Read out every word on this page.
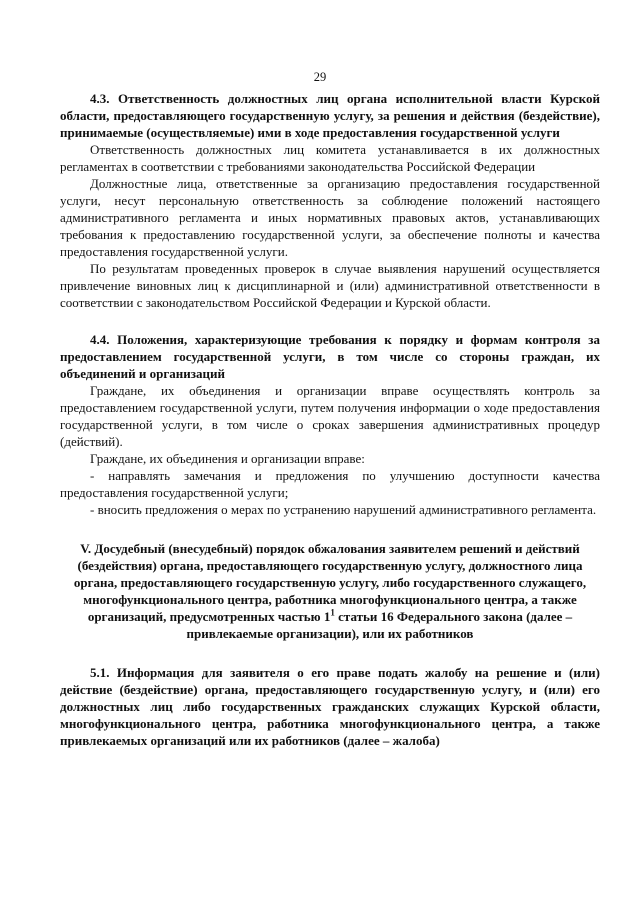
29

4.3. Ответственность должностных лиц органа исполнительной власти Курской области, предоставляющего государственную услугу, за решения и действия (бездействие), принимаемые (осуществляемые) ими в ходе предоставления государственной услуги

Ответственность должностных лиц комитета устанавливается в их должностных регламентах в соответствии с требованиями законодательства Российской Федерации

Должностные лица, ответственные за организацию предоставления государственной услуги, несут персональную ответственность за соблюдение положений настоящего административного регламента и иных нормативных правовых актов, устанавливающих требования к предоставлению государственной услуги, за обеспечение полноты и качества предоставления государственной услуги.

По результатам проведенных проверок в случае выявления нарушений осуществляется привлечение виновных лиц к дисциплинарной и (или) административной ответственности в соответствии с законодательством Российской Федерации и Курской области.

4.4. Положения, характеризующие требования к порядку и формам контроля за предоставлением государственной услуги, в том числе со стороны граждан, их объединений и организаций

Граждане, их объединения и организации вправе осуществлять контроль за предоставлением государственной услуги, путем получения информации о ходе предоставления государственной услуги, в том числе о сроках завершения административных процедур (действий).

Граждане, их объединения и организации вправе:

- направлять замечания и предложения по улучшению доступности качества предоставления государственной услуги;

- вносить предложения о мерах по устранению нарушений административного регламента.

V. Досудебный (внесудебный) порядок обжалования заявителем решений и действий (бездействия) органа, предоставляющего государственную услугу, должностного лица органа, предоставляющего государственную услугу, либо государственного служащего, многофункционального центра, работника многофункционального центра, а также организаций, предусмотренных частью $1^1$ статьи 16 Федерального закона (далее – привлекаемые организации), или их работников

5.1. Информация для заявителя о его праве подать жалобу на решение и (или) действие (бездействие) органа, предоставляющего государственную услугу, и (или) его должностных лиц либо государственных гражданских служащих Курской области, многофункционального центра, работника многофункционального центра, а также привлекаемых организаций или их работников (далее – жалоба)
